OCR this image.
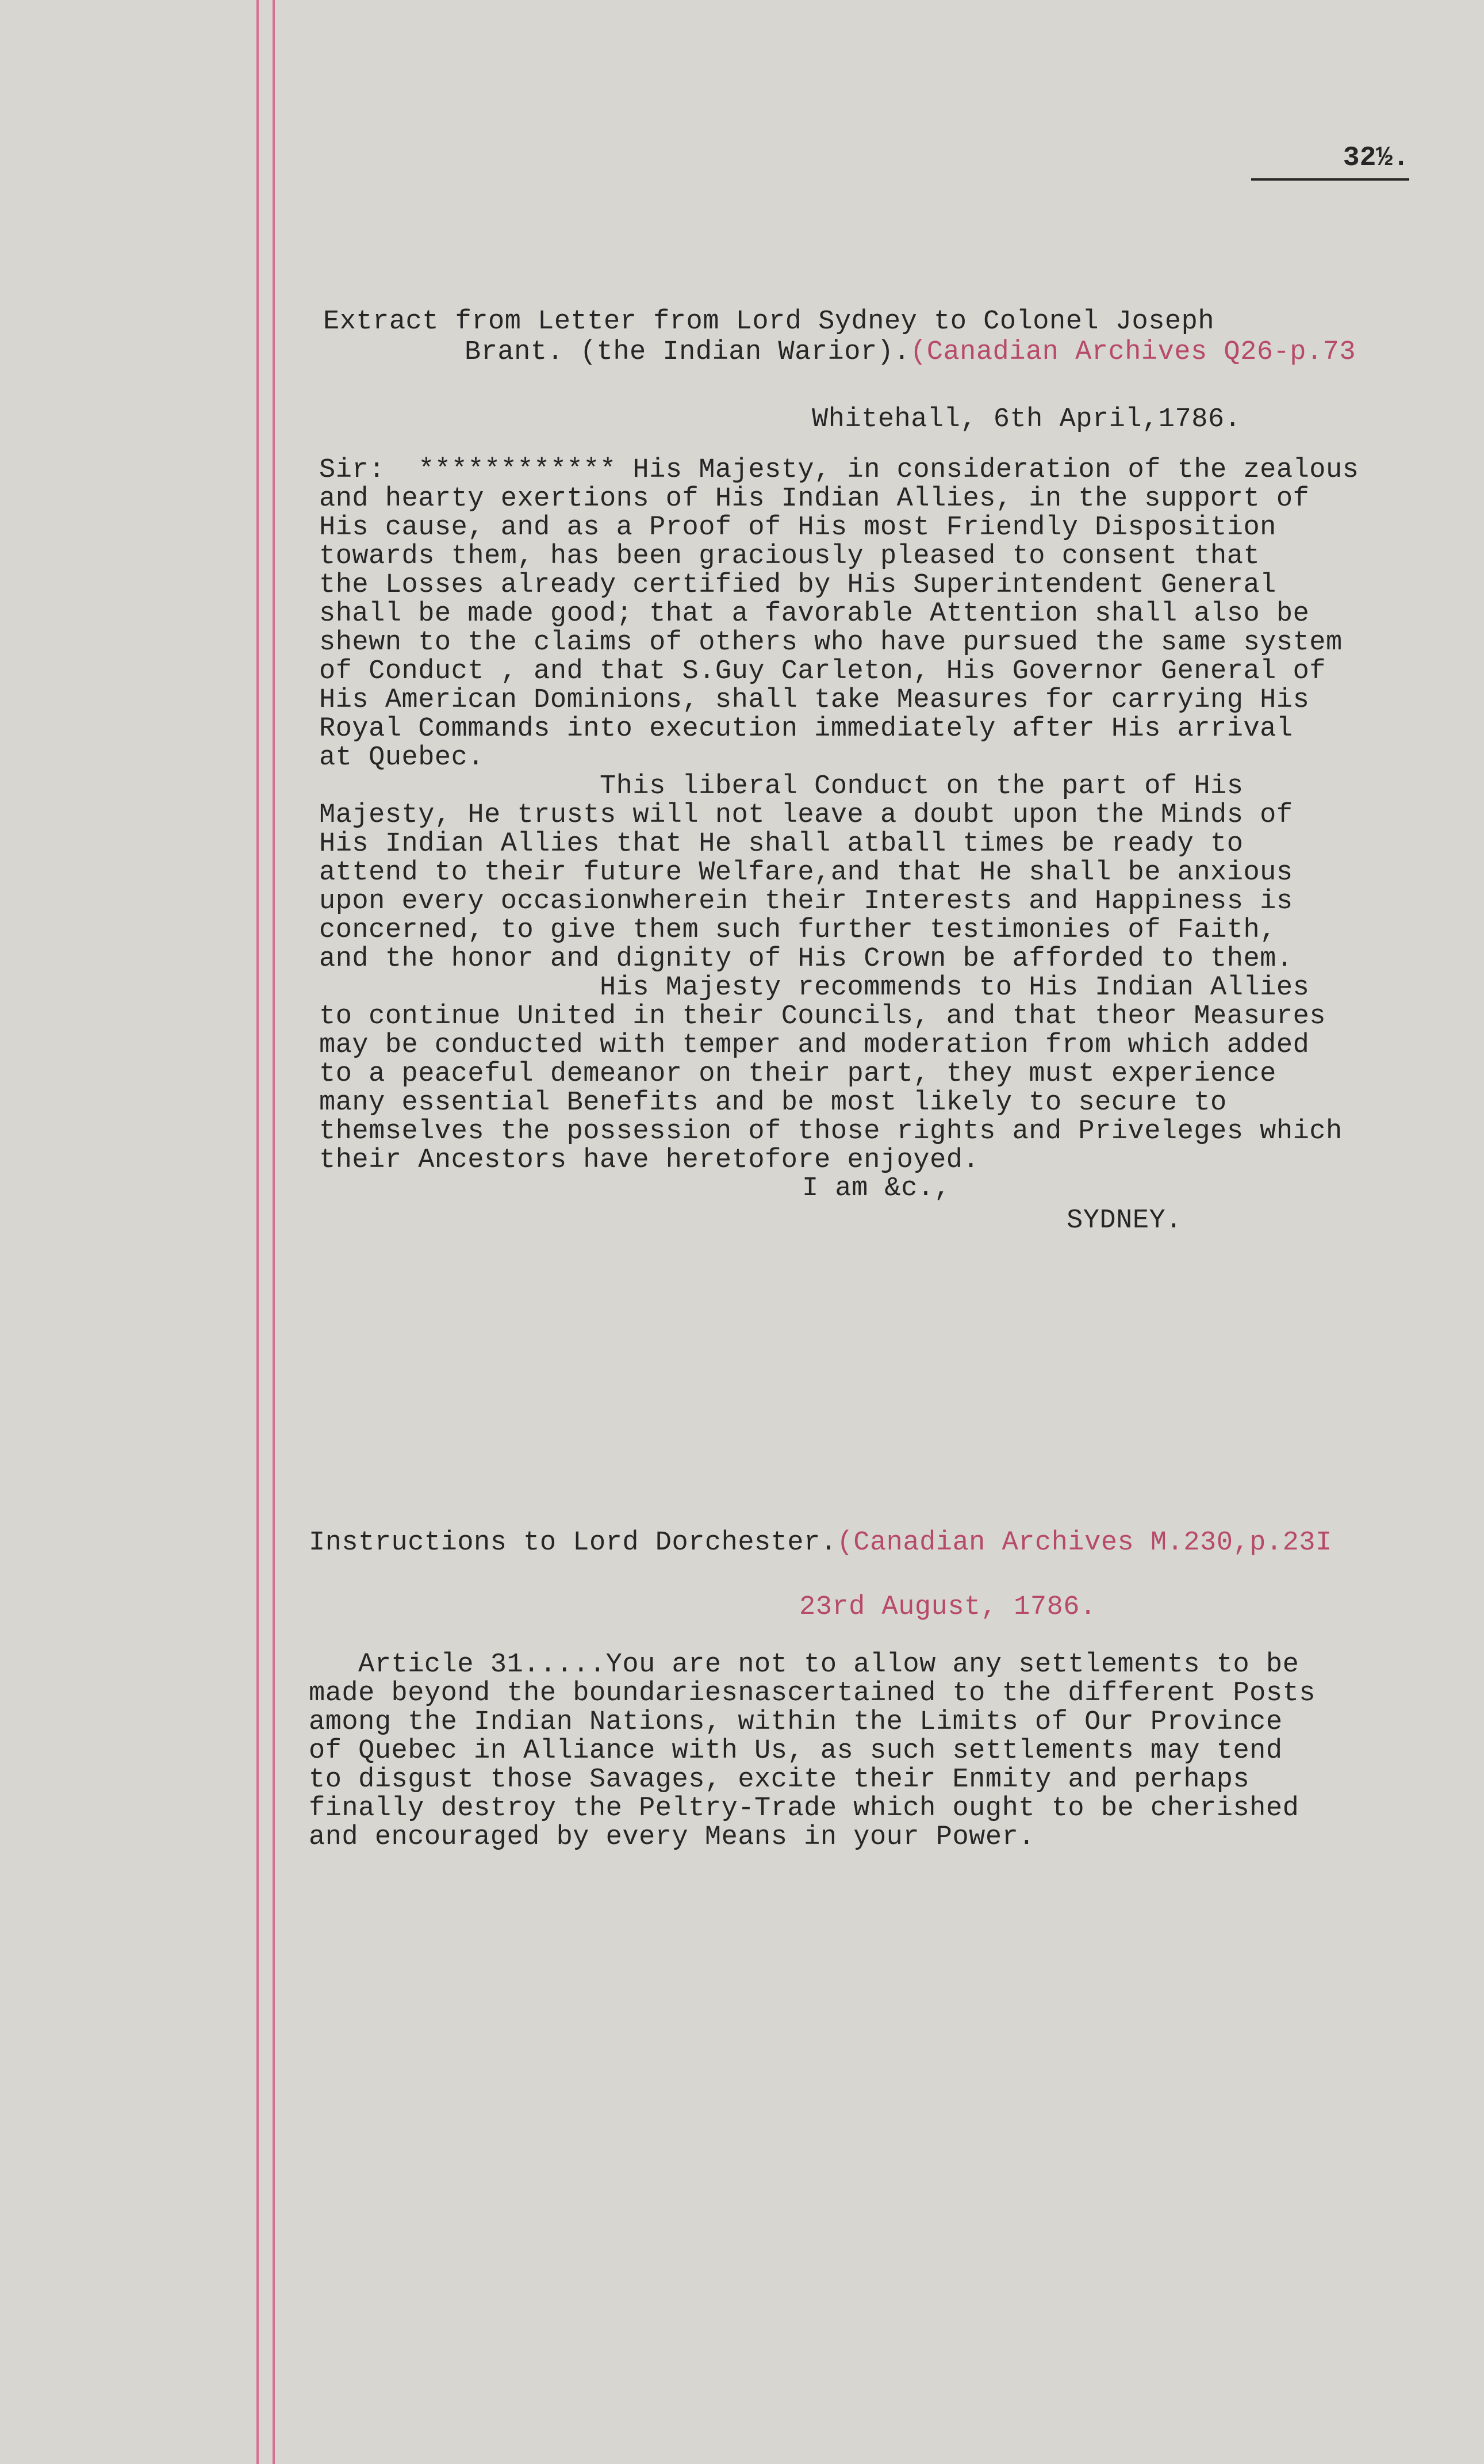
32½.
Extract from Letter from Lord Sydney to Colonel Joseph
Brant. (the Indian Warior).(Canadian Archives Q26-p.73
Whitehall, 6th April,1786.
Sir:  ************ His Majesty, in consideration of the zealous
and hearty exertions of His Indian Allies, in the support of
His cause, and as a Proof of His most Friendly Disposition
towards them, has been graciously pleased to consent that
the Losses already certified by His Superintendent General
shall be made good; that a favorable Attention shall also be
shewn to the claims of others who have pursued the same system
of Conduct , and that S.Guy Carleton, His Governor General of
His American Dominions, shall take Measures for carrying His
Royal Commands into execution immediately after His arrival
at Quebec.
This liberal Conduct on the part of His
Majesty, He trusts will not leave a doubt upon the Minds of
His Indian Allies that He shall atball times be ready to
attend to their future Welfare,and that He shall be anxious
upon every occasionwherein their Interests and Happiness is
concerned, to give them such further testimonies of Faith,
and the honor and dignity of His Crown be afforded to them.
His Majesty recommends to His Indian Allies
to continue United in their Councils, and that theor Measures
may be conducted with temper and moderation from which added
to a peaceful demeanor on their part, they must experience
many essential Benefits and be most likely to secure to
themselves the possession of those rights and Priveleges which
their Ancestors have heretofore enjoyed.
I am &c.,
SYDNEY.
Instructions to Lord Dorchester.(Canadian Archives M.230,p.23I
23rd August, 1786.
Article 31.....You are not to allow any settlements to be
made beyond the boundariesnascertained to the different Posts
among the Indian Nations, within the Limits of Our Province
of Quebec in Alliance with Us, as such settlements may tend
to disgust those Savages, excite their Enmity and perhaps
finally destroy the Peltry-Trade which ought to be cherished
and encouraged by every Means in your Power.
